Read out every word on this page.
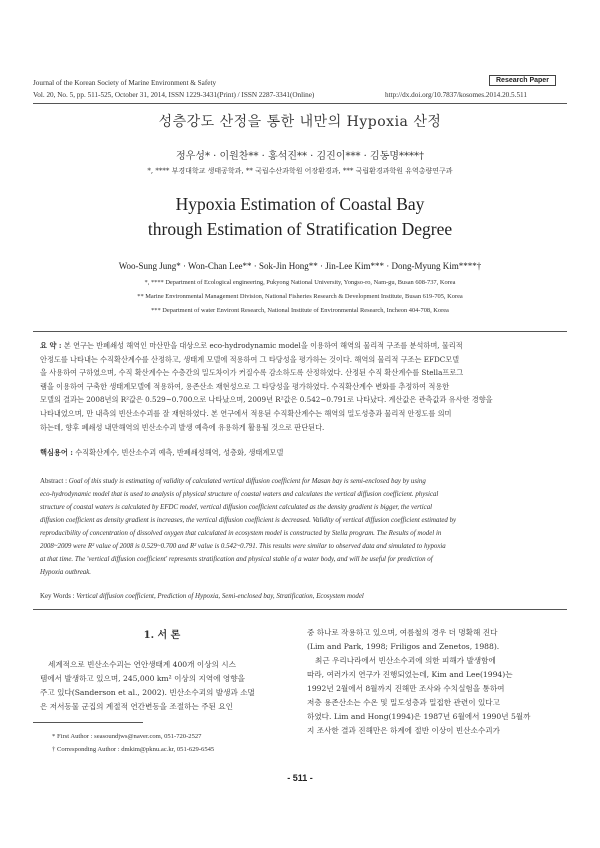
Journal of the Korean Society of Marine Environment & Safety	Research Paper
Vol. 20, No. 5, pp. 511-525, October 31, 2014, ISSN 1229-3431(Print) / ISSN 2287-3341(Online)	http://dx.doi.org/10.7837/kosomes.2014.20.5.511
성층강도 산정을 통한 내만의 Hypoxia 산정
정우성* · 이원찬** · 홍석진** · 김진이*** · 김동명****†
*, **** 부경대학교 생태공학과, ** 국립수산과학원 어장환경과, *** 국립환경과학원 유역총량연구과
Hypoxia Estimation of Coastal Bay
through Estimation of Stratification Degree
Woo-Sung Jung* · Won-Chan Lee** · Sok-Jin Hong** · Jin-Lee Kim*** · Dong-Myung Kim****†
*, **** Department of Ecological engineering, Pukyong National University, Yongso-ro, Nam-gu, Busan 608-737, Korea
** Marine Environmental Management Division, National Fisheries Research & Development Institute, Busan 619-705, Korea
*** Department of water Environt Research, National Institute of Environmental Research, Incheon 404-708, Korea
요 약 : 본 연구는 반폐쇄성 해역인 마산만을 대상으로 eco-hydrodynamic model을 이용하여 해역의 물리적 구조를 분석하며, 물리적
안정도를 나타내는 수직확산계수를 산정하고, 생태계 모델에 적용하여 그 타당성을 평가하는 것이다. 해역의 물리적 구조는 EFDC모델
을 사용하여 구하였으며, 수직 확산계수는 수층간의 밀도차이가 커질수록 감소하도록 산정하였다. 산정된 수직 확산계수를 Stella프로그
램을 이용하여 구축한 생태계모델에 적용하여, 용존산소 재현성으로 그 타당성을 평가하였다. 수직확산계수 변화를 추정하여 적용한
모델의 결과는 2008년의 R²값은 0.529~0.700으로 나타났으며, 2009년 R²값은 0.542~0.791로 나타났다. 계산값은 관측값과 유사한 경향을
나타내었으며, 만 내측의 빈산소수괴를 잘 재현하였다. 본 연구에서 적용된 수직확산계수는 해역의 밀도성층과 물리적 안정도를 의미
하는데, 향후 폐쇄성 내만해역의 빈산소수괴 발생 예측에 유용하게 활용될 것으로 판단된다.
핵심용어 : 수직확산계수, 빈산소수괴 예측, 반폐쇄성해역, 성층화, 생태계모델
Abstract : Goal of this study is estimating of validity of calculated vertical diffusion coefficient for Masan bay is semi-enclosed bay by using
eco-hydrodynamic model that is used to analysis of physical structure of coastal waters and calculates the vertical diffusion coefficient. physical
structure of coastal waters is calculated by EFDC model, vertical diffusion coefficient calculated as the density gradient is bigger, the vertical
diffusion coefficient as density gradient is increases, the vertical diffusion coefficient is decreased. Validity of vertical diffusion coefficient estimated by
reproducibility of concentration of dissolved oxygen that calculated in ecosystem model is constructed by Stella program. The Results of model in
2008~2009 were R² value of 2008 is 0.529~0.700 and R² value is 0.542~0.791. This results were similar to observed data and simulated to hypoxia
at that time. The 'vertical diffusion coefficient' represents stratification and physical stable of a water body, and will be useful for prediction of
Hypoxia outbreak.
Key Words : Vertical diffusion coefficient, Prediction of Hypoxia, Semi-enclosed bay, Stratification, Ecosystem model
1. 서 론
세계적으로 빈산소수괴는 연안생태계 400개 이상의 시스
템에서 발생하고 있으며, 245,000 km² 이상의 지역에 영향을
주고 있다(Sanderson et al., 2002). 빈산소수괴의 발생과 소멸
은 저서동물 군집의 계절적 연간변동을 조절하는 주된 요인
중 하나로 작용하고 있으며, 여름철의 경우 더 명확해 진다
(Lim and Park, 1998; Friligos and Zenetos, 1988).
최근 우리나라에서 빈산소수괴에 의한 피해가 발생함에
따라, 여러가지 연구가 진행되었는데, Kim and Lee(1994)는
1992년 2월에서 8월까지 진해만 조사와 수치실험을 통하여
저층 용존산소는 수온 및 밀도성층과 밀접한 관련이 있다고
하였다. Lim and Hong(1994)은 1987년 6월에서 1990년 5월까
지 조사한 결과 진해만은 하계에 절반 이상이 빈산소수괴가
* First Author : seasoundjws@naver.com, 051-720-2527
† Corresponding Author : dmkim@pknu.ac.kr, 051-629-6545
- 511 -
